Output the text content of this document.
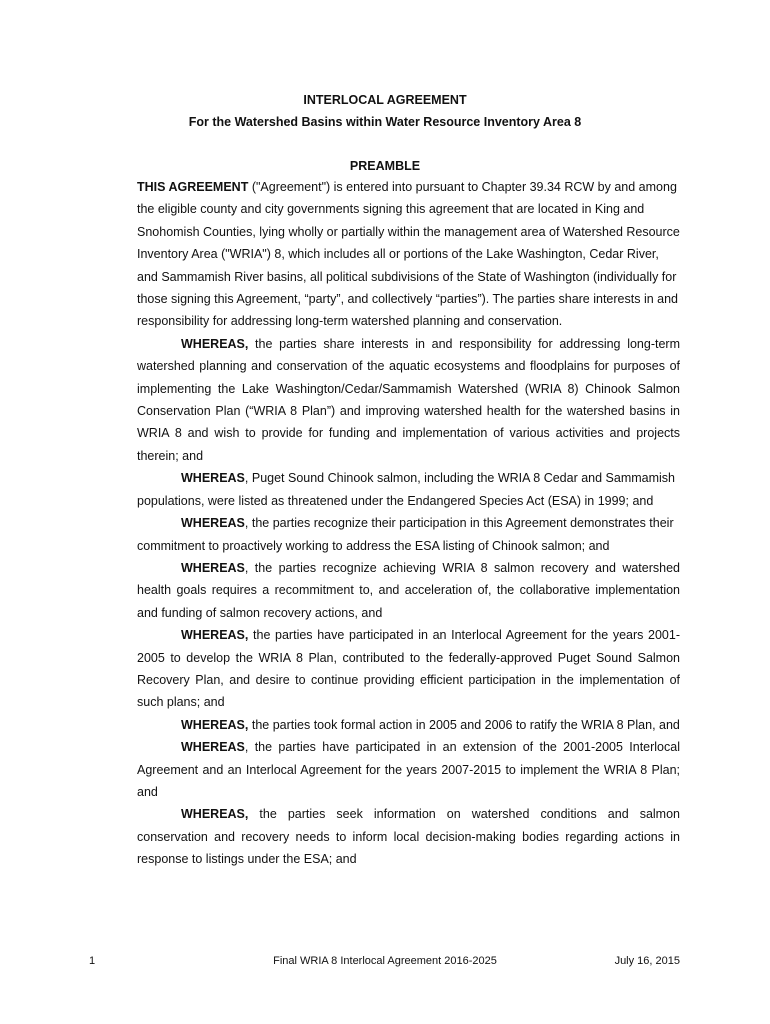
INTERLOCAL AGREEMENT
For the Watershed Basins within Water Resource Inventory Area 8
PREAMBLE

THIS AGREEMENT ("Agreement") is entered into pursuant to Chapter 39.34 RCW by and among the eligible county and city governments signing this agreement that are located in King and Snohomish Counties, lying wholly or partially within the management area of Watershed Resource Inventory Area ("WRIA") 8, which includes all or portions of the Lake Washington, Cedar River, and Sammamish River basins, all political subdivisions of the State of Washington (individually for those signing this Agreement, “party”, and collectively “parties”). The parties share interests in and responsibility for addressing long-term watershed planning and conservation.

WHEREAS, the parties share interests in and responsibility for addressing long-term watershed planning and conservation of the aquatic ecosystems and floodplains for purposes of implementing the Lake Washington/Cedar/Sammamish Watershed (WRIA 8) Chinook Salmon Conservation Plan (“WRIA 8 Plan”) and improving watershed health for the watershed basins in WRIA 8 and wish to provide for funding and implementation of various activities and projects therein; and

WHEREAS, Puget Sound Chinook salmon, including the WRIA 8 Cedar and Sammamish populations, were listed as threatened under the Endangered Species Act (ESA) in 1999; and

WHEREAS, the parties recognize their participation in this Agreement demonstrates their commitment to proactively working to address the ESA listing of Chinook salmon; and

WHEREAS, the parties recognize achieving WRIA 8 salmon recovery and watershed health goals requires a recommitment to, and acceleration of, the collaborative implementation and funding of salmon recovery actions, and

WHEREAS, the parties have participated in an Interlocal Agreement for the years 2001-2005 to develop the WRIA 8 Plan, contributed to the federally-approved Puget Sound Salmon Recovery Plan, and desire to continue providing efficient participation in the implementation of such plans; and

WHEREAS, the parties took formal action in 2005 and 2006 to ratify the WRIA 8 Plan, and

WHEREAS, the parties have participated in an extension of the 2001-2005 Interlocal Agreement and an Interlocal Agreement for the years 2007-2015 to implement the WRIA 8 Plan; and

WHEREAS, the parties seek information on watershed conditions and salmon conservation and recovery needs to inform local decision-making bodies regarding actions in response to listings under the ESA; and

1	Final WRIA 8 Interlocal Agreement 2016-2025	July 16, 2015
